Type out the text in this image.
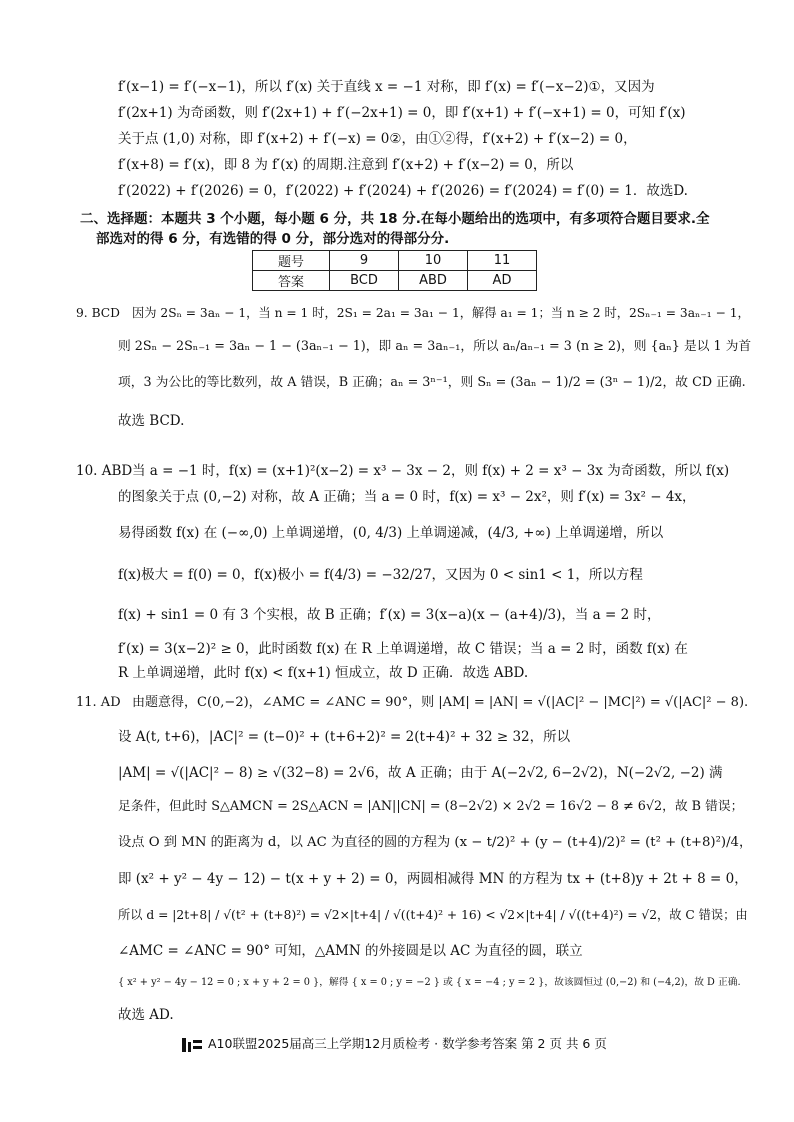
f′(x−1) = f′(−x−1)，所以 f′(x) 关于直线 x = −1 对称，即 f′(x) = f′(−x−2)①，又因为
f′(2x+1) 为奇函数，则 f′(2x+1) + f′(−2x+1) = 0，即 f′(x+1) + f′(−x+1) = 0，可知 f′(x)
关于点 (1,0) 对称，即 f′(x+2) + f′(−x) = 0②，由①②得，f′(x+2) + f′(x−2) = 0，
f′(x+8) = f′(x)，即 8 为 f′(x) 的周期.注意到 f′(x+2) + f′(x−2) = 0，所以
f′(2022) + f′(2026) = 0，f′(2022) + f′(2024) + f′(2026) = f′(2024) = f′(0) = 1．故选D.
二、选择题：本题共 3 个小题，每小题 6 分，共 18 分.在每小题给出的选项中，有多项符合题目要求.全
部选对的得 6 分，有选错的得 0 分，部分选对的得部分分.
题号	9	10	11
答案	BCD	ABD	AD
9. BCD 因为 2Sₙ = 3aₙ − 1，当 n = 1 时，2S₁ = 2a₁ = 3a₁ − 1，解得 a₁ = 1；当 n ≥ 2 时，2Sₙ₋₁ = 3aₙ₋₁ − 1，
则 2Sₙ − 2Sₙ₋₁ = 3aₙ − 1 − (3aₙ₋₁ − 1)，即 aₙ = 3aₙ₋₁，所以 aₙ/aₙ₋₁ = 3 (n ≥ 2)，则 {aₙ} 是以 1 为首
项，3 为公比的等比数列，故 A 错误，B 正确；aₙ = 3ⁿ⁻¹，则 Sₙ = (3aₙ − 1)/2 = (3ⁿ − 1)/2，故 CD 正确.
故选 BCD.
10. ABD当 a = −1 时，f(x) = (x+1)²(x−2) = x³ − 3x − 2，则 f(x) + 2 = x³ − 3x 为奇函数，所以 f(x)
的图象关于点 (0,−2) 对称，故 A 正确；当 a = 0 时，f(x) = x³ − 2x²，则 f′(x) = 3x² − 4x，
易得函数 f(x) 在 (−∞,0) 上单调递增，(0, 4/3) 上单调递减，(4/3, +∞) 上单调递增，所以
f(x)极大 = f(0) = 0，f(x)极小 = f(4/3) = −32/27，又因为 0 < sin1 < 1，所以方程
f(x) + sin1 = 0 有 3 个实根，故 B 正确；f′(x) = 3(x−a)(x − (a+4)/3)，当 a = 2 时，
f′(x) = 3(x−2)² ≥ 0，此时函数 f(x) 在 R 上单调递增，故 C 错误；当 a = 2 时，函数 f(x) 在
R 上单调递增，此时 f(x) < f(x+1) 恒成立，故 D 正确．故选 ABD.
11. AD 由题意得，C(0,−2)，∠AMC = ∠ANC = 90°，则 |AM| = |AN| = √(|AC|² − |MC|²) = √(|AC|² − 8).
设 A(t, t+6)，|AC|² = (t−0)² + (t+6+2)² = 2(t+4)² + 32 ≥ 32，所以
|AM| = √(|AC|² − 8) ≥ √(32−8) = 2√6，故 A 正确；由于 A(−2√2, 6−2√2)，N(−2√2, −2) 满
足条件，但此时 S△AMCN = 2S△ACN = |AN||CN| = (8−2√2) × 2√2 = 16√2 − 8 ≠ 6√2，故 B 错误；
设点 O 到 MN 的距离为 d，以 AC 为直径的圆的方程为 (x − t/2)² + (y − (t+4)/2)² = (t² + (t+8)²)/4，
即 (x² + y² − 4y − 12) − t(x + y + 2) = 0，两圆相减得 MN 的方程为 tx + (t+8)y + 2t + 8 = 0，
所以 d = |2t+8| / √(t² + (t+8)²) = √2×|t+4| / √((t+4)² + 16) < √2×|t+4| / √((t+4)²) = √2，故 C 错误；由
∠AMC = ∠ANC = 90° 可知，△AMN 的外接圆是以 AC 为直径的圆，联立
{ x² + y² − 4y − 12 = 0 ; x + y + 2 = 0 }，解得 { x = 0 ; y = −2 } 或 { x = −4 ; y = 2 }，故该圆恒过 (0,−2) 和 (−4,2)，故 D 正确.
故选 AD.
A10联盟2025届高三上学期12月质检考 · 数学参考答案 第 2 页 共 6 页
